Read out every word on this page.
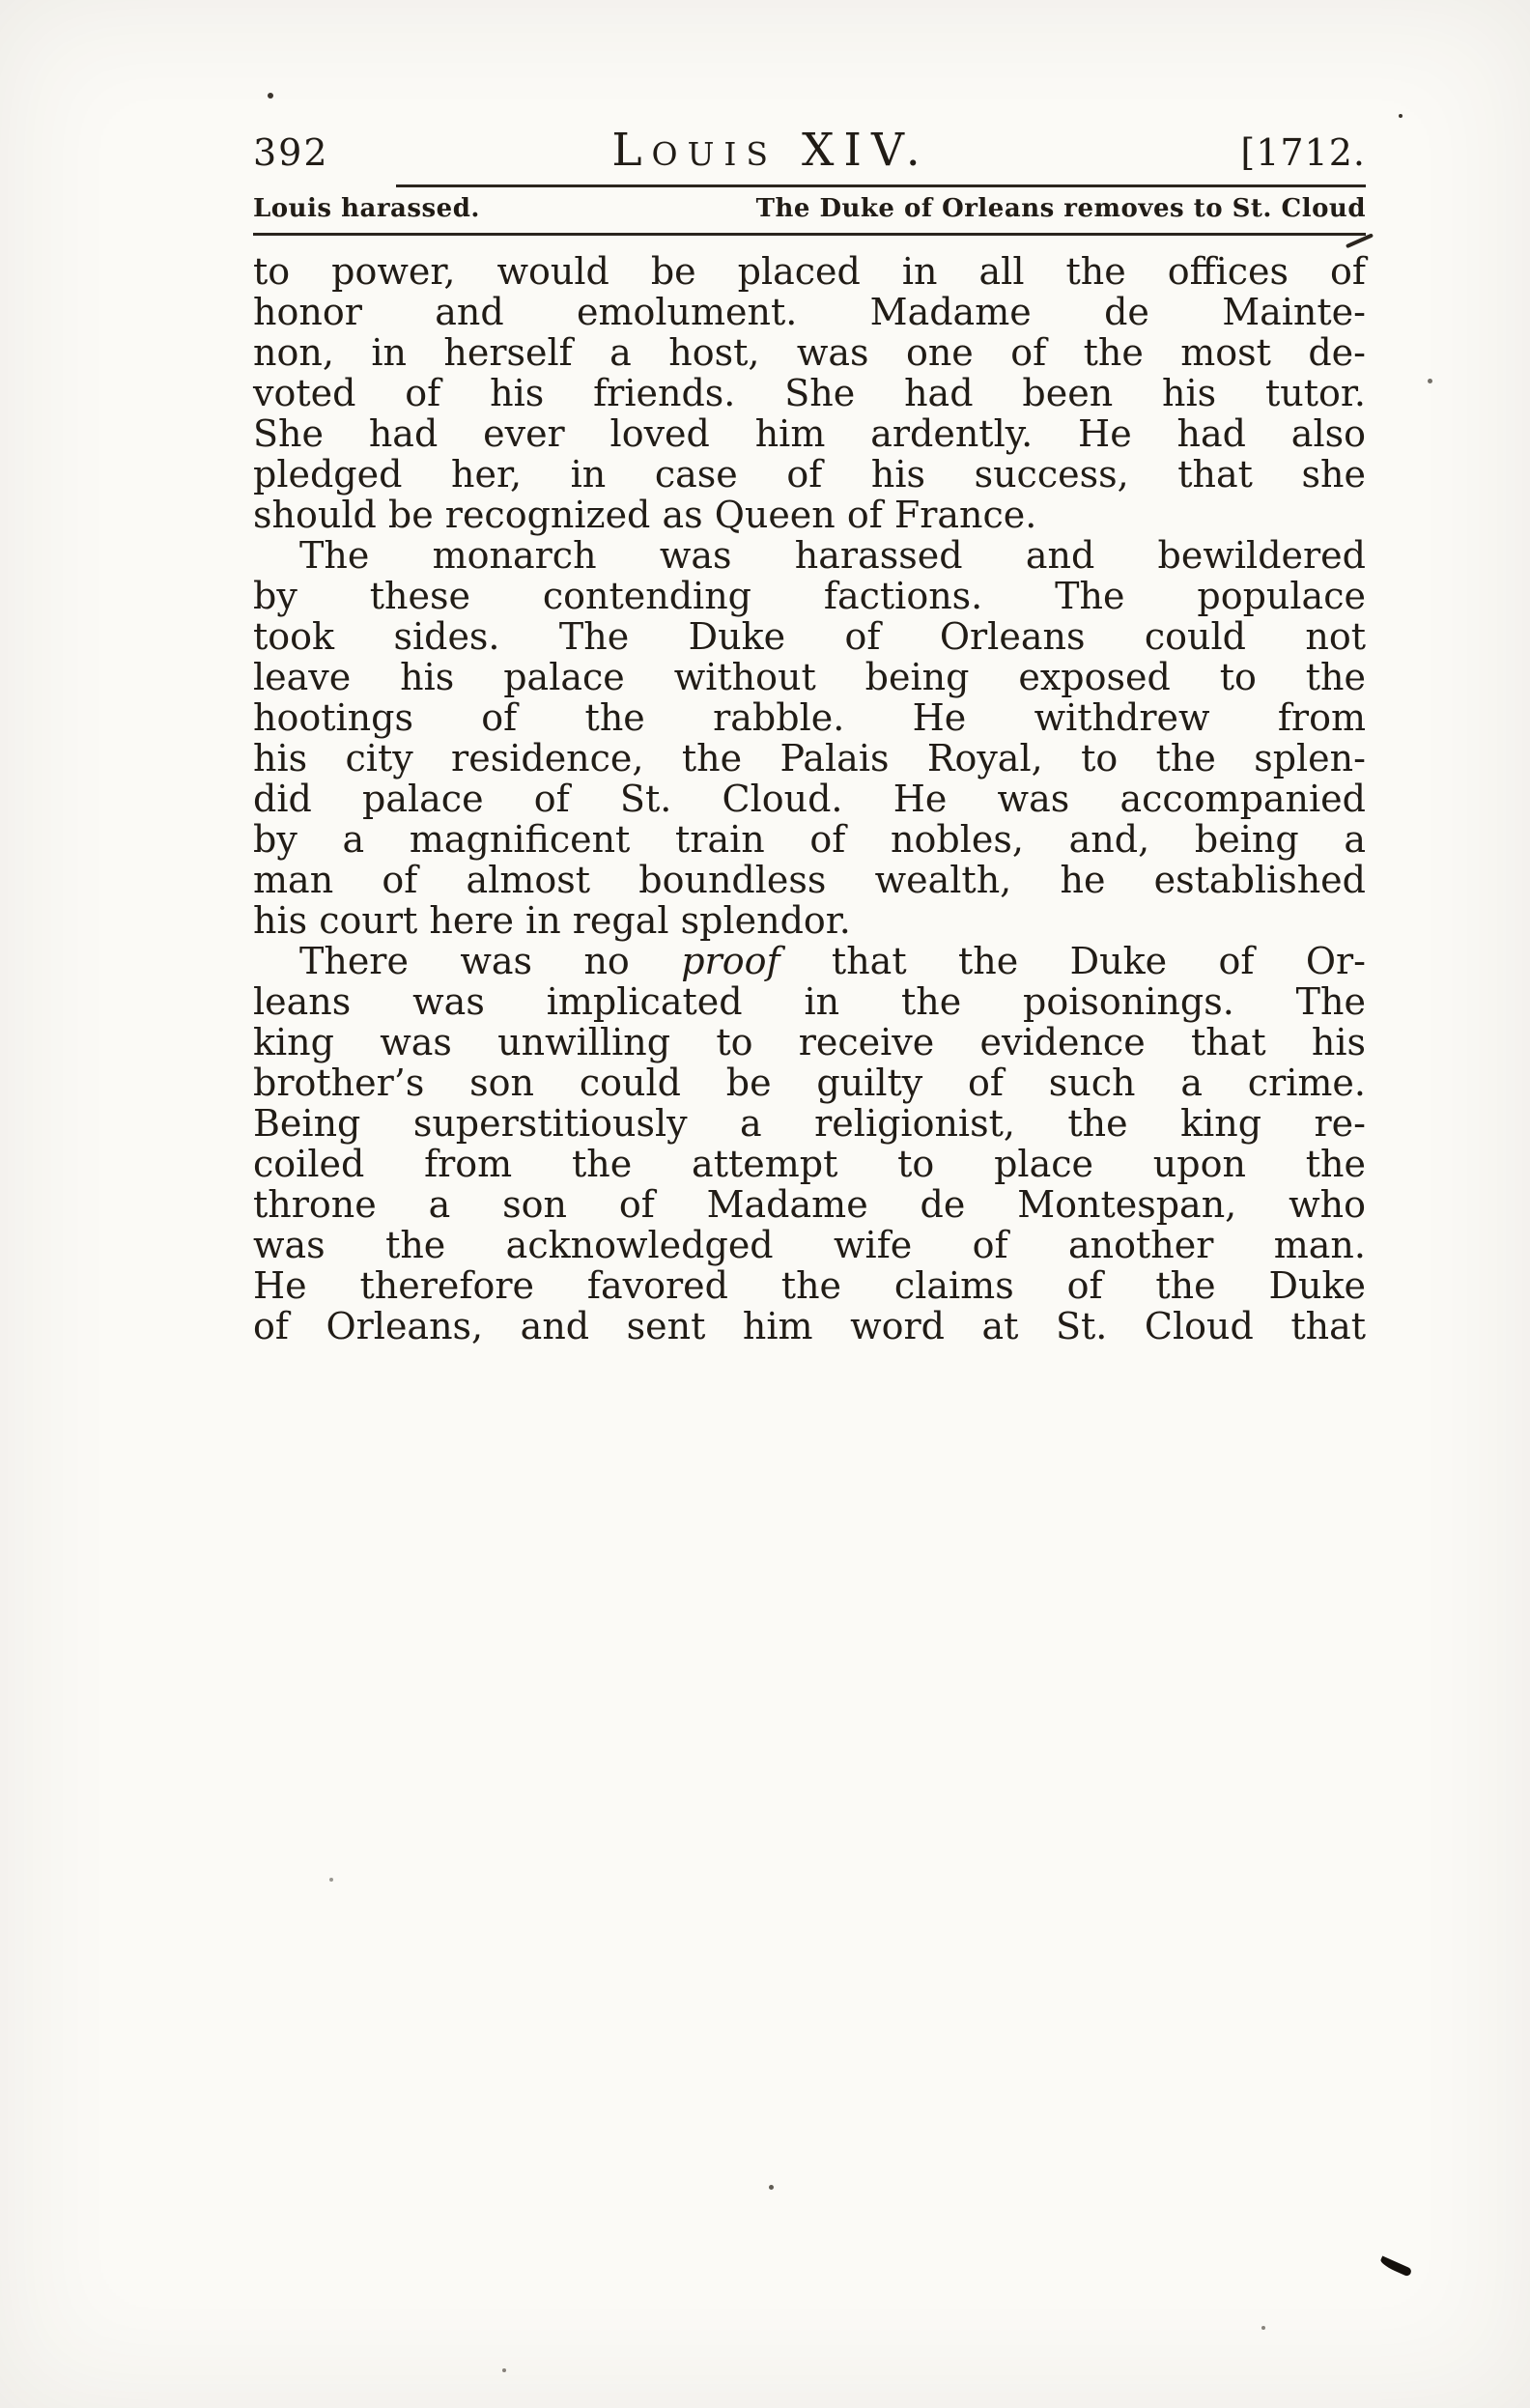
392	Louis XIV.	[1712.
Louis harassed.	The Duke of Orleans removes to St. Cloud
to power, would be placed in all the offices of
honor and emolument. Madame de Mainte-
non, in herself a host, was one of the most de-
voted of his friends. She had been his tutor.
She had ever loved him ardently. He had also
pledged her, in case of his success, that she
should be recognized as Queen of France.
The monarch was harassed and bewildered
by these contending factions. The populace
took sides. The Duke of Orleans could not
leave his palace without being exposed to the
hootings of the rabble. He withdrew from
his city residence, the Palais Royal, to the splen-
did palace of St. Cloud. He was accompanied
by a magnificent train of nobles, and, being a
man of almost boundless wealth, he established
his court here in regal splendor.
There was no proof that the Duke of Or-
leans was implicated in the poisonings. The
king was unwilling to receive evidence that his
brother’s son could be guilty of such a crime.
Being superstitiously a religionist, the king re-
coiled from the attempt to place upon the
throne a son of Madame de Montespan, who
was the acknowledged wife of another man.
He therefore favored the claims of the Duke
of Orleans, and sent him word at St. Cloud that
